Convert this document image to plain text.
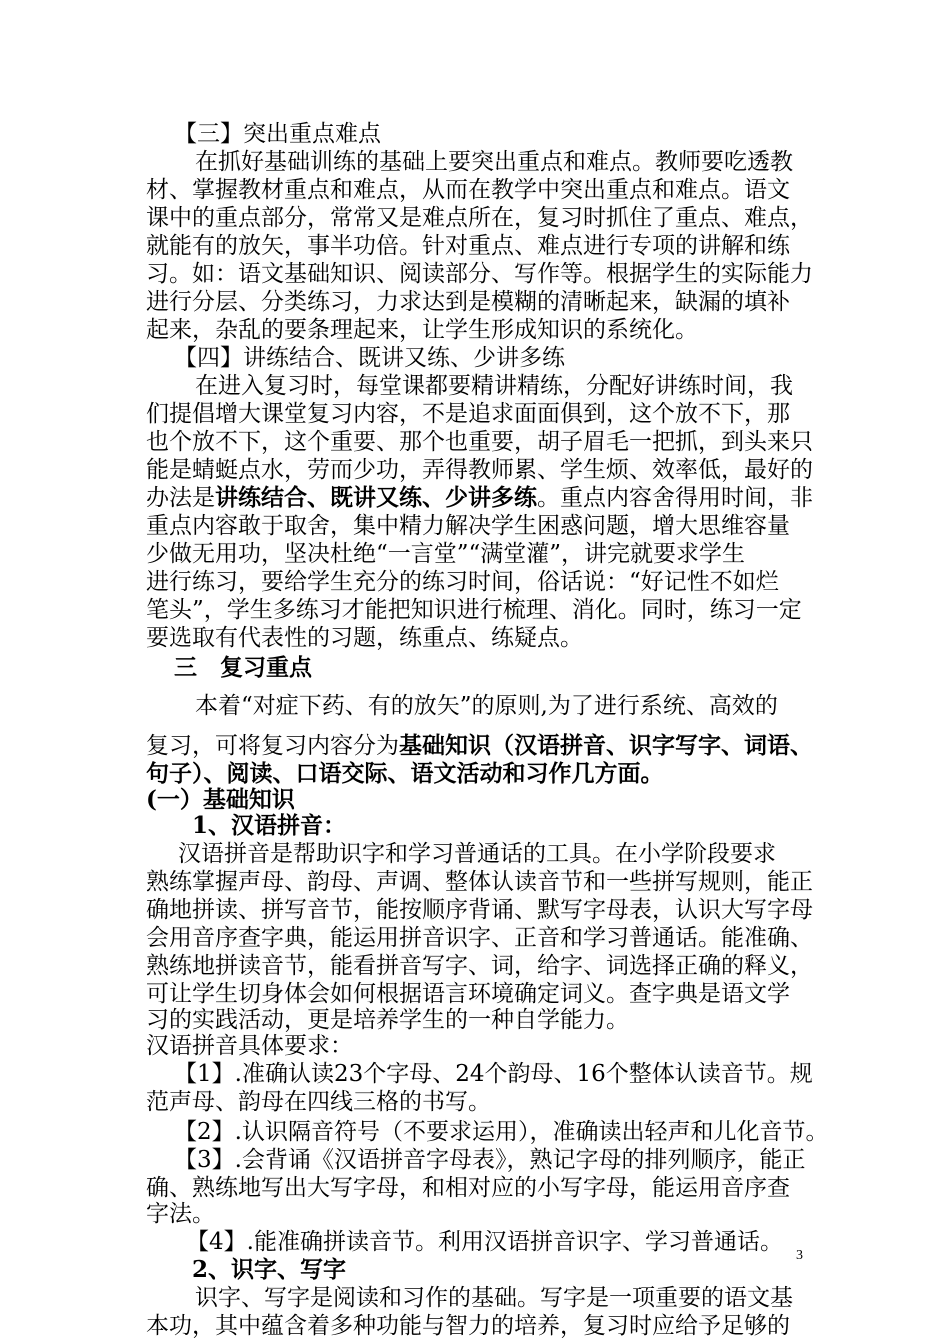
【三】突出重点难点
在抓好基础训练的基础上要突出重点和难点。教师要吃透教
材、掌握教材重点和难点，从而在教学中突出重点和难点。语文
课中的重点部分，常常又是难点所在，复习时抓住了重点、难点，
就能有的放矢，事半功倍。针对重点、难点进行专项的讲解和练
习。如：语文基础知识、阅读部分、写作等。根据学生的实际能力
进行分层、分类练习，力求达到是模糊的清晰起来，缺漏的填补
起来，杂乱的要条理起来，让学生形成知识的系统化。
【四】讲练结合、既讲又练、少讲多练
在进入复习时，每堂课都要精讲精练，分配好讲练时间，我
们提倡增大课堂复习内容，不是追求面面俱到，这个放不下，那
也个放不下，这个重要、那个也重要，胡子眉毛一把抓，到头来只
能是蜻蜓点水，劳而少功，弄得教师累、学生烦、效率低，最好的
办法是讲练结合、既讲又练、少讲多练。重点内容舍得用时间，非
重点内容敢于取舍，集中精力解决学生困惑问题，增大思维容量
少做无用功，坚决杜绝“一言堂”“满堂灌”，讲完就要求学生
进行练习，要给学生充分的练习时间，俗话说：“好记性不如烂
笔头”，学生多练习才能把知识进行梳理、消化。同时，练习一定
要选取有代表性的习题，练重点、练疑点。
三　复习重点
本着“对症下药、有的放矢”的原则,为了进行系统、高效的
复习，可将复习内容分为基础知识（汉语拼音、识字写字、词语、
句子）、阅读、口语交际、语文活动和习作几方面。
(一）基础知识
1、汉语拼音：
汉语拼音是帮助识字和学习普通话的工具。在小学阶段要求
熟练掌握声母、韵母、声调、整体认读音节和一些拼写规则，能正
确地拼读、拼写音节，能按顺序背诵、默写字母表，认识大写字母
会用音序查字典，能运用拼音识字、正音和学习普通话。能准确、
熟练地拼读音节，能看拼音写字、词，给字、词选择正确的释义，
可让学生切身体会如何根据语言环境确定词义。查字典是语文学
习的实践活动，更是培养学生的一种自学能力。
汉语拼音具体要求：
【1】.准确认读23个字母、24个韵母、16个整体认读音节。规
范声母、韵母在四线三格的书写。
【2】.认识隔音符号（不要求运用），准确读出轻声和儿化音节。
【3】.会背诵《汉语拼音字母表》，熟记字母的排列顺序，能正
确、熟练地写出大写字母，和相对应的小写字母，能运用音序查
字法。
【4】.能准确拼读音节。利用汉语拼音识字、学习普通话。
2、识字、写字
识字、写字是阅读和习作的基础。写字是一项重要的语文基
本功，其中蕴含着多种功能与智力的培养，复习时应给予足够的
3
